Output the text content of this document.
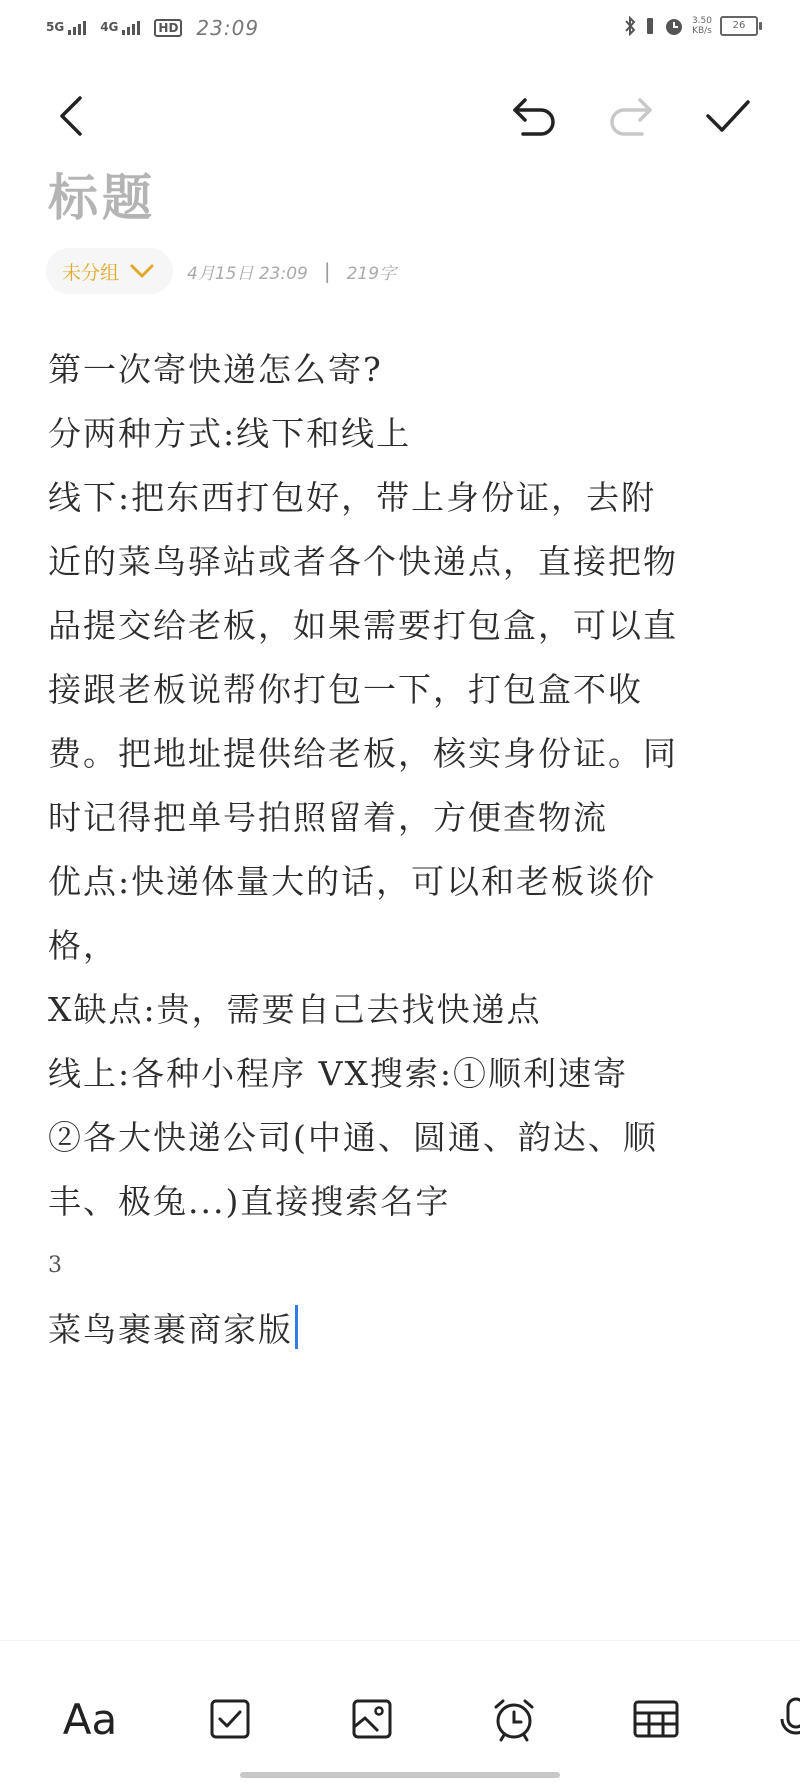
5G	4G	HD 23:09	3.50
KB/s	26
标题
未分组	4月15日 23:09 | 219字
第一次寄快递怎么寄?
分两种方式:线下和线上
线下:把东西打包好，带上身份证，去附
近的菜鸟驿站或者各个快递点，直接把物
品提交给老板，如果需要打包盒，可以直
接跟老板说帮你打包一下，打包盒不收
费。把地址提供给老板，核实身份证。同
时记得把单号拍照留着，方便查物流
优点:快递体量大的话，可以和老板谈价
格，
X缺点:贵，需要自己去找快递点
线上:各种小程序 VX搜索:①顺利速寄
②各大快递公司(中通、圆通、韵达、顺
丰、极兔...)直接搜索名字
3
菜鸟裹裹商家版
Aa
